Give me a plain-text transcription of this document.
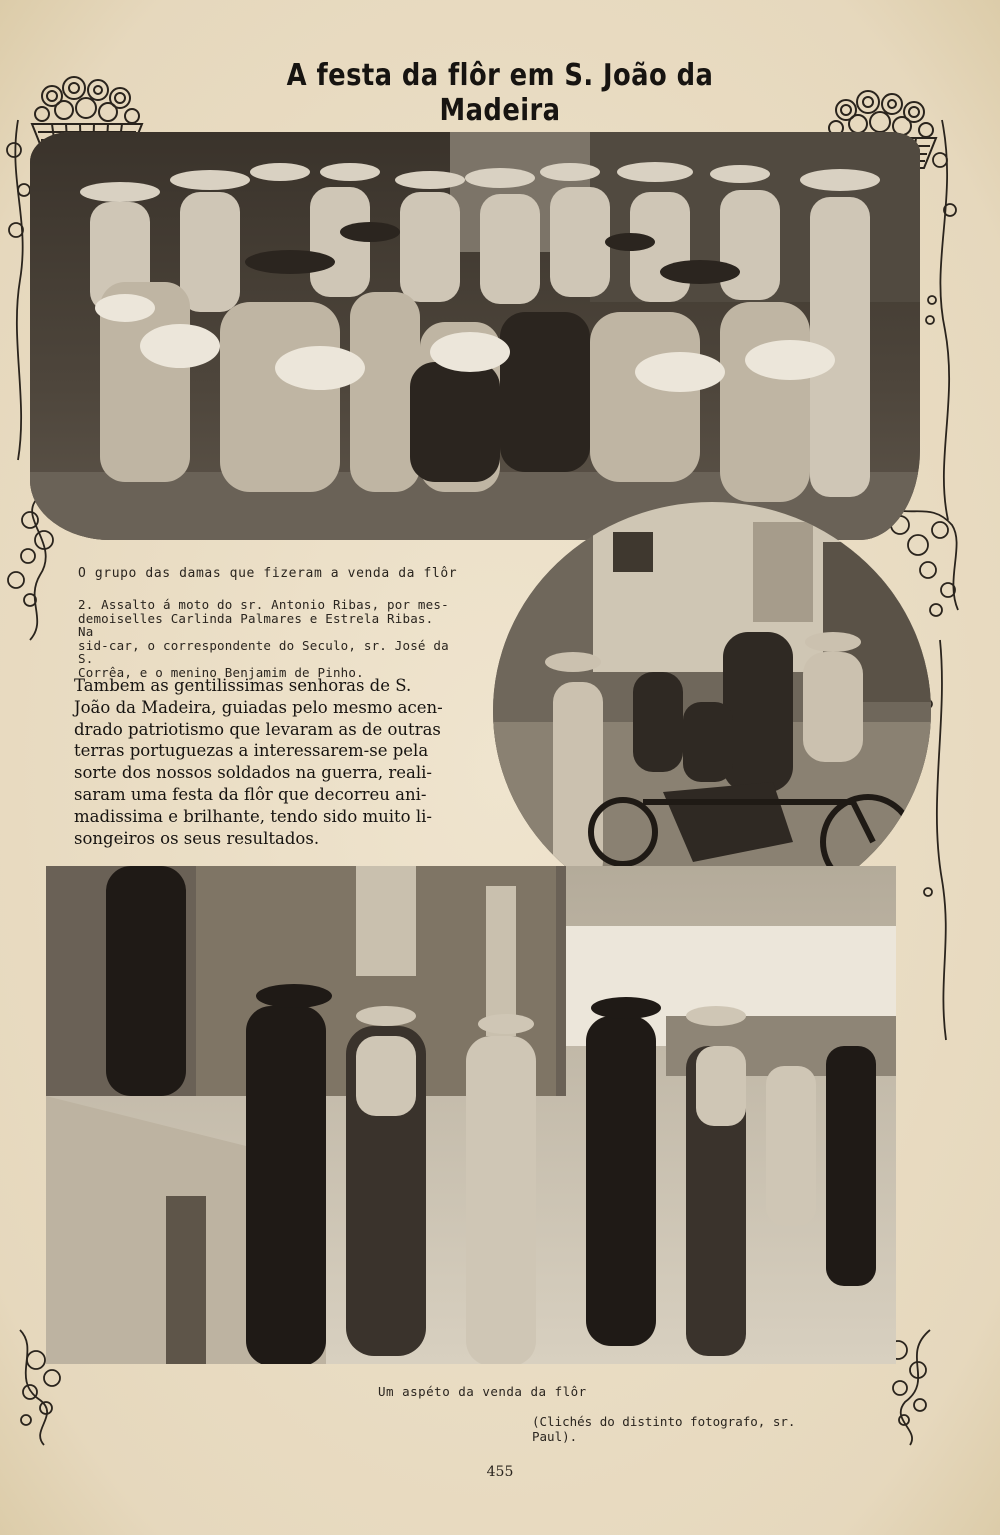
A festa da flôr em S. João da Madeira
O grupo das damas que fizeram a venda da flôr
2. Assalto á moto do sr. Antonio Ribas, por mes-
demoiselles Carlinda Palmares e Estrela Ribas. Na
sid-car, o correspondente do Seculo, sr. José da S.
Corrêa, e o menino Benjamim de Pinho.
Tambem as gentilissimas senhoras de S.
João da Madeira, guiadas pelo mesmo acen-
drado patriotismo que levaram as de outras
terras portuguezas a interessarem-se pela
sorte dos nossos soldados na guerra, reali-
saram uma festa da flôr que decorreu ani-
madissima e brilhante, tendo sido muito li-
songeiros os seus resultados.
Um aspéto da venda da flôr
(Clichés do distinto fotografo, sr. Paul).
455
